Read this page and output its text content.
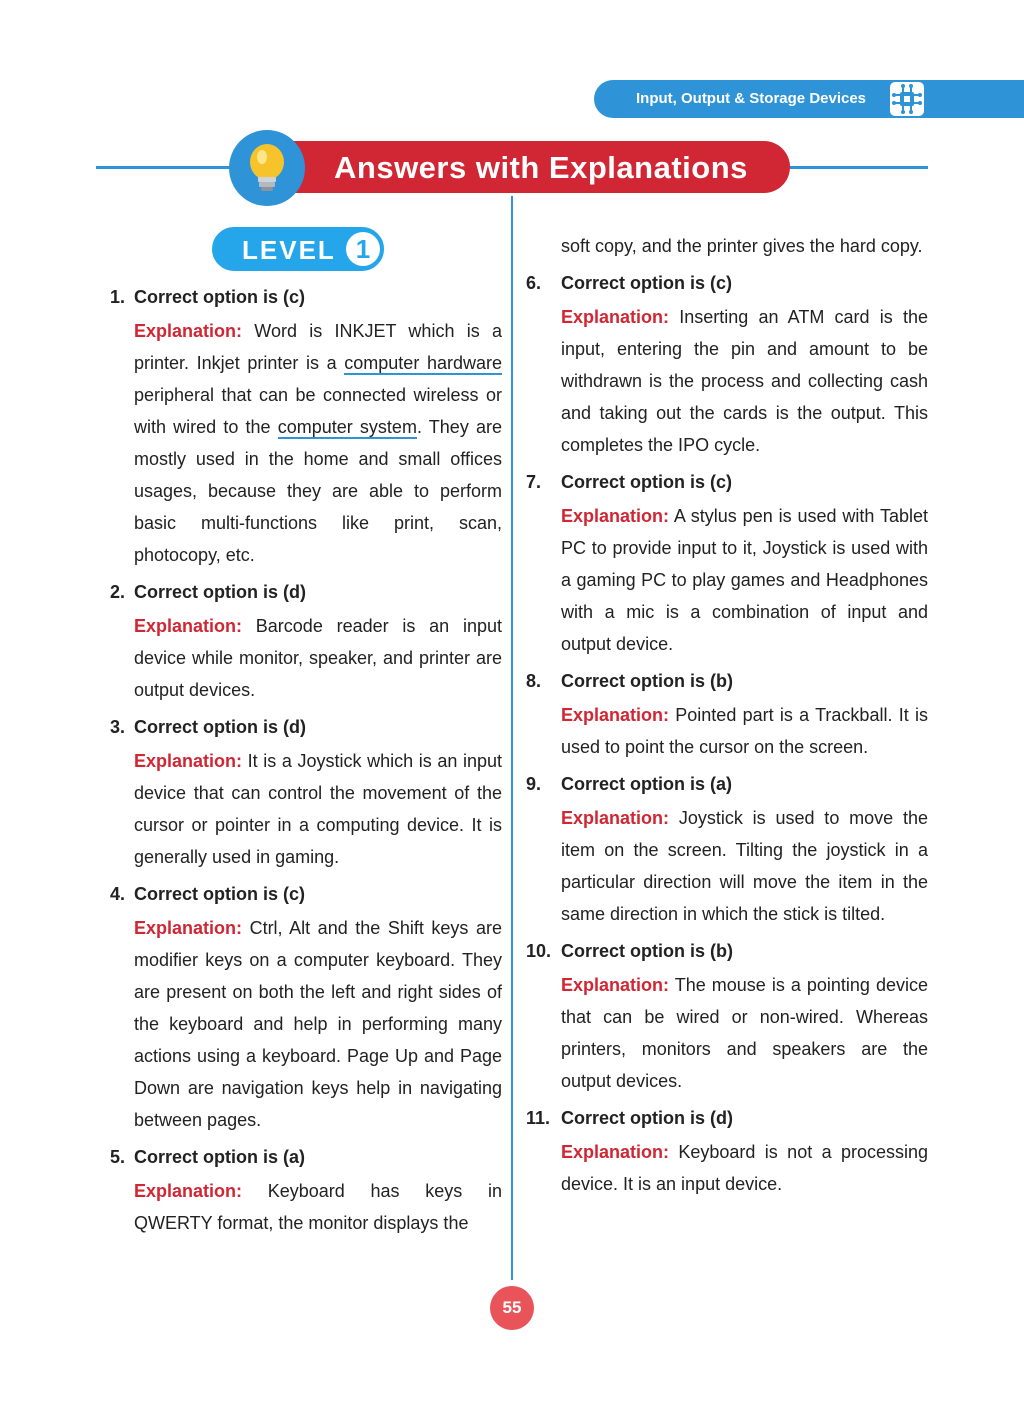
Input, Output & Storage Devices
Answers with Explanations
LEVEL 1
1. Correct option is (c)
Explanation: Word is INKJET which is a printer. Inkjet printer is a computer hardware peripheral that can be connected wireless or with wired to the computer system. They are mostly used in the home and small offices usages, because they are able to perform basic multi-functions like print, scan, photocopy, etc.
2. Correct option is (d)
Explanation: Barcode reader is an input device while monitor, speaker, and printer are output devices.
3. Correct option is (d)
Explanation: It is a Joystick which is an input device that can control the movement of the cursor or pointer in a computing device. It is generally used in gaming.
4. Correct option is (c)
Explanation: Ctrl, Alt and the Shift keys are modifier keys on a computer keyboard. They are present on both the left and right sides of the keyboard and help in performing many actions using a keyboard. Page Up and Page Down are navigation keys help in navigating between pages.
5. Correct option is (a)
Explanation: Keyboard has keys in QWERTY format, the monitor displays the
soft copy, and the printer gives the hard copy.
6.	Correct option is (c)
Explanation: Inserting an ATM card is the input, entering the pin and amount to be withdrawn is the process and collecting cash and taking out the cards is the output. This completes the IPO cycle.
7.	Correct option is (c)
Explanation: A stylus pen is used with Tablet PC to provide input to it, Joystick is used with a gaming PC to play games and Headphones with a mic is a combination of input and output device.
8.	Correct option is (b)
Explanation: Pointed part is a Trackball. It is used to point the cursor on the screen.
9.	Correct option is (a)
Explanation: Joystick is used to move the item on the screen. Tilting the joystick in a particular direction will move the item in the same direction in which the stick is tilted.
10. Correct option is (b)
Explanation: The mouse is a pointing device that can be wired or non-wired. Whereas printers, monitors and speakers are the output devices.
11. Correct option is (d)
Explanation: Keyboard is not a processing device. It is an input device.
55
